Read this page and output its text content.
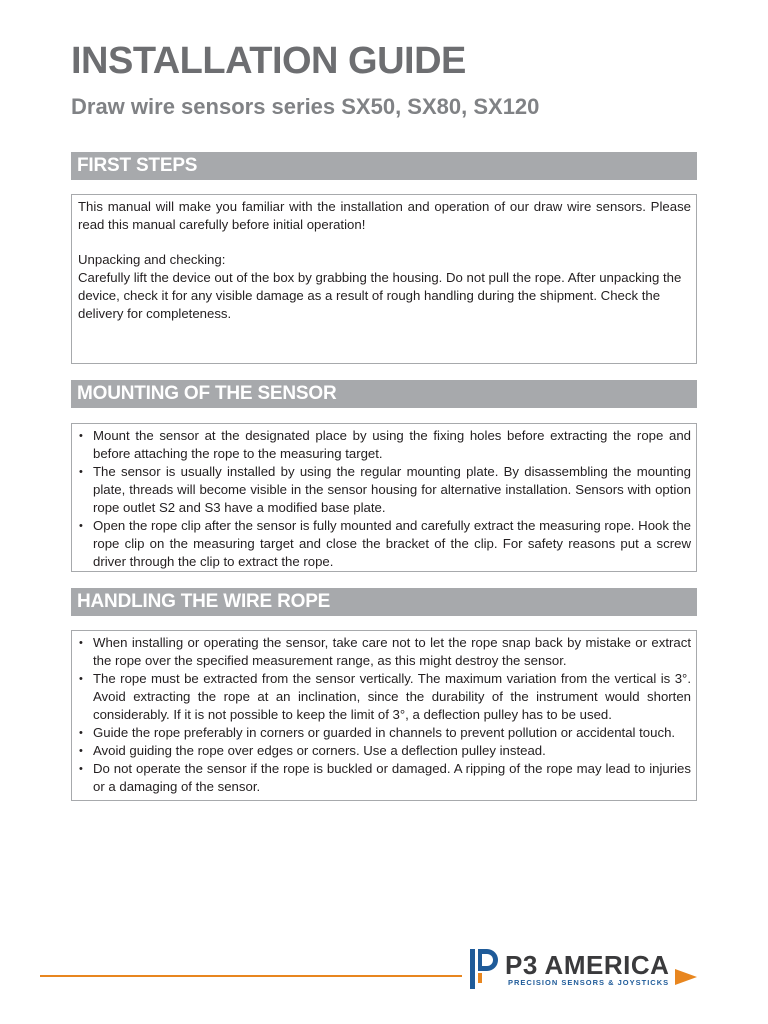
INSTALLATION GUIDE
Draw wire sensors series SX50, SX80, SX120
FIRST STEPS

This manual will make you familiar with the installation and operation of our draw wire sensors. Please read this manual carefully before initial operation!

Unpacking and checking:

Carefully lift the device out of the box by grabbing the housing. Do not pull the rope. After unpacking the device, check it for any visible damage as a result of rough handling during the shipment. Check the delivery for completeness.

MOUNTING OF THE SENSOR
• Mount the sensor at the designated place by using the fixing holes before extracting the rope and before attaching the rope to the measuring target.
• The sensor is usually installed by using the regular mounting plate. By disassembling the mounting plate, threads will become visible in the sensor housing for alternative installation. Sensors with option rope outlet S2 and S3 have a modified base plate.
• Open the rope clip after the sensor is fully mounted and carefully extract the measuring rope. Hook the rope clip on the measuring target and close the bracket of the clip. For safety reasons put a screw driver through the clip to extract the rope.
HANDLING THE WIRE ROPE
• When installing or operating the sensor, take care not to let the rope snap back by mistake or extract the rope over the specified measurement range, as this might destroy the sensor.
• The rope must be extracted from the sensor vertically. The maximum variation from the vertical is 3°. Avoid extracting the rope at an inclination, since the durability of the instrument would shorten considerably. If it is not possible to keep the limit of 3°, a deflection pulley has to be used.
• Guide the rope preferably in corners or guarded in channels to prevent pollution or accidental touch.
• Avoid guiding the rope over edges or corners. Use a deflection pulley instead.
• Do not operate the sensor if the rope is buckled or damaged. A ripping of the rope may lead to injuries or a damaging of the sensor.
P3 AMERICA
PRECISION SENSORS & JOYSTICKS
